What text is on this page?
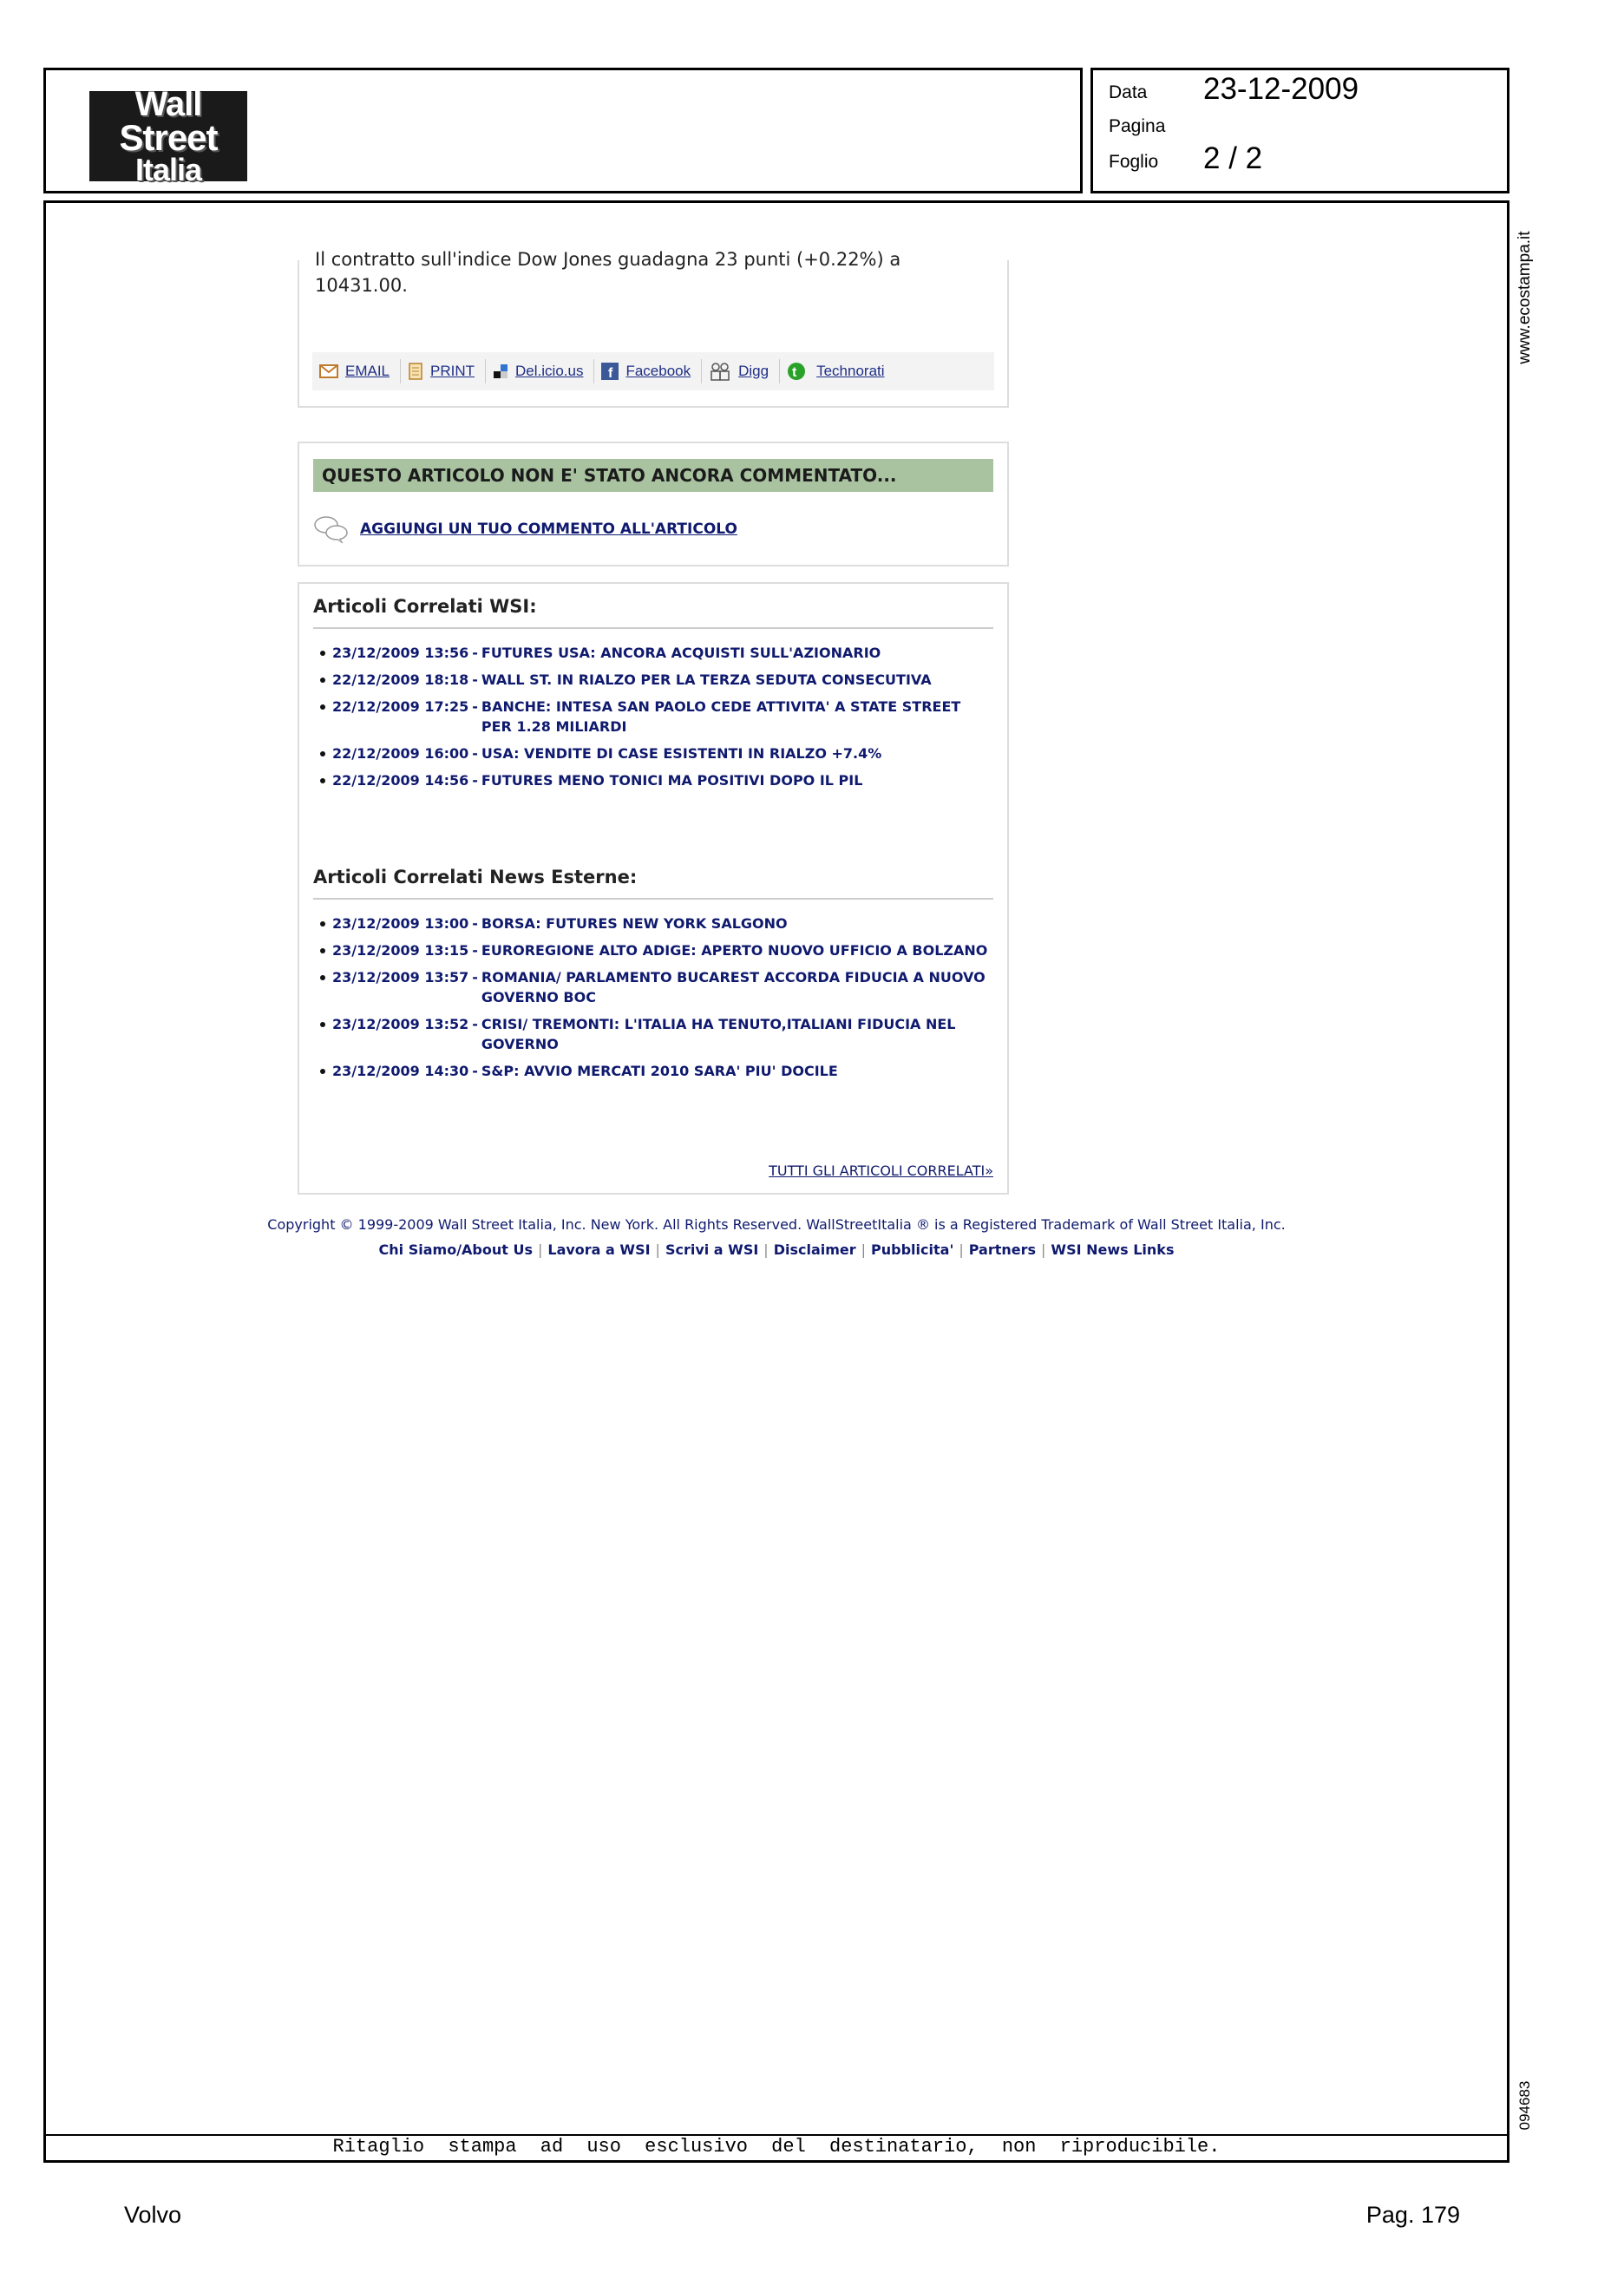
Wall
Street
Italia
Data 23-12-2009
Pagina
Foglio 2 / 2
www.ecostampa.it
094683
Il contratto sull'indice Dow Jones guadagna 23 punti (+0.22%) a
10431.00.
EMAIL	PRINT	Del.icio.us f Facebook	Digg t Technorati
QUESTO ARTICOLO NON E' STATO ANCORA COMMENTATO...
AGGIUNGI UN TUO COMMENTO ALL'ARTICOLO
Articoli Correlati WSI:
23/12/2009 13:56 - FUTURES USA: ANCORA ACQUISTI SULL'AZIONARIO
22/12/2009 18:18 - WALL ST. IN RIALZO PER LA TERZA SEDUTA CONSECUTIVA
22/12/2009 17:25 - BANCHE: INTESA SAN PAOLO CEDE ATTIVITA' A STATE STREET PER 1.28 MILIARDI
22/12/2009 16:00 - USA: VENDITE DI CASE ESISTENTI IN RIALZO +7.4%
22/12/2009 14:56 - FUTURES MENO TONICI MA POSITIVI DOPO IL PIL
Articoli Correlati News Esterne:
23/12/2009 13:00 - BORSA: FUTURES NEW YORK SALGONO
23/12/2009 13:15 - EUROREGIONE ALTO ADIGE: APERTO NUOVO UFFICIO A BOLZANO
23/12/2009 13:57 - ROMANIA/ PARLAMENTO BUCAREST ACCORDA FIDUCIA A NUOVO GOVERNO BOC
23/12/2009 13:52 - CRISI/ TREMONTI: L'ITALIA HA TENUTO,ITALIANI FIDUCIA NEL GOVERNO
23/12/2009 14:30 - S&P: AVVIO MERCATI 2010 SARA' PIU' DOCILE
TUTTI GLI ARTICOLI CORRELATI»
Copyright © 1999-2009 Wall Street Italia, Inc. New York. All Rights Reserved. WallStreetItalia ® is a Registered Trademark of Wall Street Italia, Inc.
Chi Siamo/About Us | Lavora a WSI | Scrivi a WSI | Disclaimer | Pubblicita' | Partners | WSI News Links
Ritaglio stampa ad uso esclusivo del destinatario, non riproducibile.
Volvo	Pag. 179
